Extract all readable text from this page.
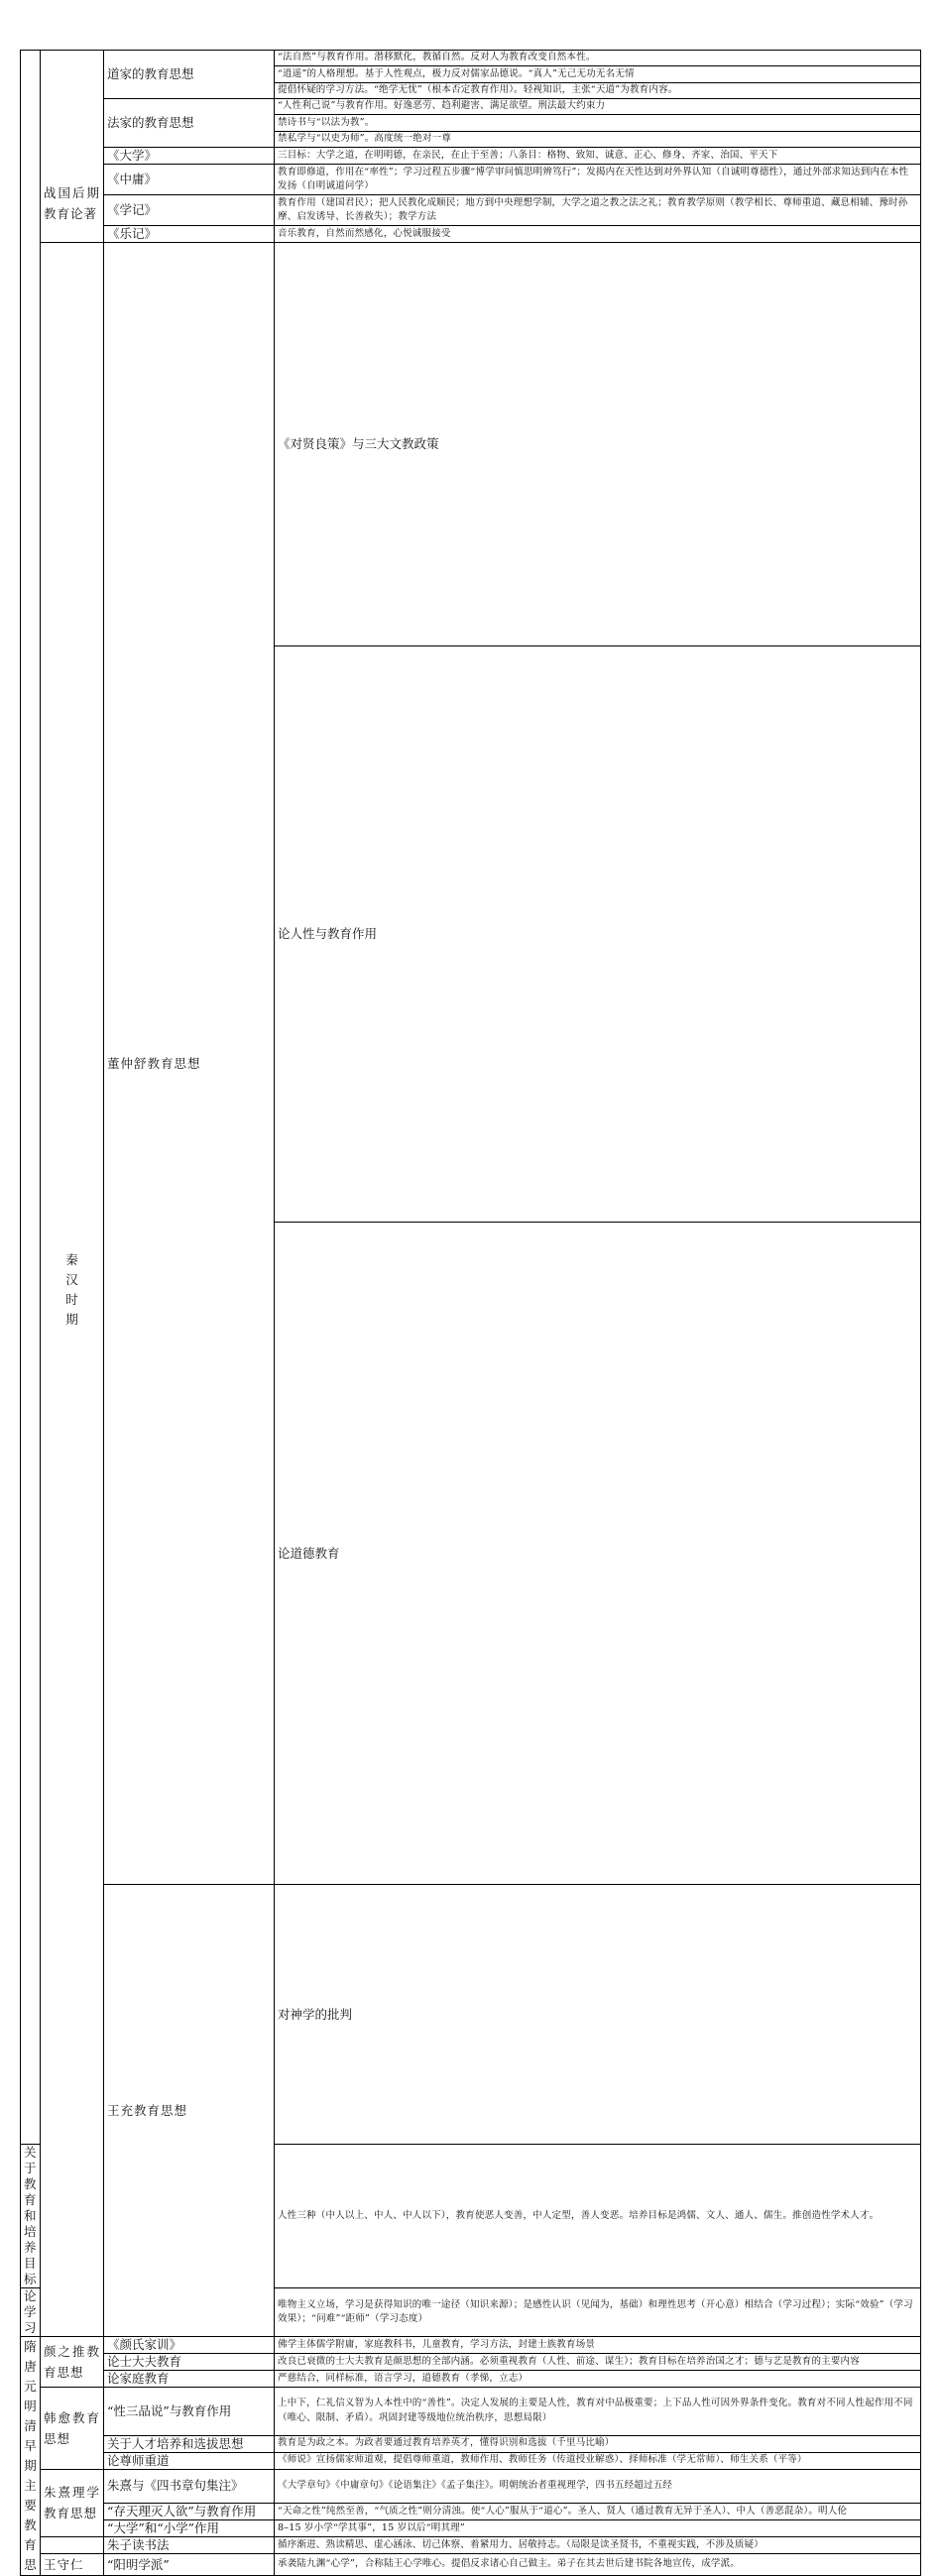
		道家的教育思想	“法自然”与教育作用。潜移默化，教循自然。反对人为教育改变自然本性。	
			“逍遥”的人格理想。基于人性观点，极力反对儒家品德说。“真人”无己无功无名无情	
			提倡怀疑的学习方法。“绝学无忧”（根本否定教育作用）。轻视知识，主张“天道”为教育内容。	
		法家的教育思想	“人性利己说”与教育作用。好逸恶劳、趋利避害、满足欲望。刑法最大约束力	
			禁诗书与“以法为教”。	
			禁私学与“以吏为师”。高度统一绝对一尊	
		《大学》	三目标：大学之道，在明明德，在亲民，在止于至善；八条目：格物、致知、诚意、正心、修身、齐家、治国、平天下	
	战国后期教育论著	《中庸》	教育即修道，作用在“率性”；学习过程五步骤“博学审问慎思明辨笃行”；发揭内在天性达到对外界认知（自诚明尊德性），通过外部求知达到内在本性发扬（自明诚道问学）	
		《学记》	教育作用（建国君民）；把人民教化成顺民；地方到中央理想学制，大学之道之教之法之礼；教育教学原则（教学相长、尊师重道、藏息相辅、豫时孙摩、启发诱导、长善救失）；教学方法	
		《乐记》	音乐教育，自然而然感化，心悦诚服接受	
	秦汉时期	董仲舒教育思想	《对贤良策》与三大文教政策	
			论人性与教育作用	
			论道德教育	
		王充教育思想	对神学的批判	
关于教育和培养目标			人性三种（中人以上、中人、中人以下），教育使恶人变善，中人定型，善人变恶。培养目标是鸿儒、文人、通人、儒生。推创造性学术人才。	
论学习			唯物主义立场，学习是获得知识的唯一途径（知识来源）；是感性认识（见闻为，基础）和理性思考（开心意）相结合（学习过程）；实际“效验”（学习效果）；“问难”“距师”（学习态度）	
隋唐元明清早期主要教育思	颜之推教育思想	《颜氏家训》	佛学主体儒学附庸，家庭教科书，儿童教育，学习方法，封建士族教育场景	
		论士大夫教育	改良已衰微的士大夫教育是颜思想的全部内涵。必须重视教育（人性、前途、谋生）；教育目标在培养治国之才；德与艺是教育的主要内容	
		论家庭教育	严慈结合，同样标准，语言学习，道德教育（孝悌，立志）	
	韩愈教育思想	“性三品说”与教育作用	上中下，仁礼信义智为人本性中的“善性”。决定人发展的主要是人性，教育对中品极重要；上下品人性可因外界条件变化。教育对不同人性起作用不同（唯心、限制、矛盾）。巩固封建等级地位统治秩序，思想局限）	
		关于人才培养和选拔思想	教育是为政之本。为政者要通过教育培养英才，懂得识别和选拔（千里马比喻）	
		论尊师重道	《师说》宣扬儒家师道观，提倡尊师重道，教师作用、教师任务（传道授业解惑）、择师标准（学无常师）、师生关系（平等）	
	朱熹理学教育思想	朱熹与《四书章句集注》	《大学章句》《中庸章句》《论语集注》《孟子集注》。明朝统治者重视理学，四书五经超过五经	
		“存天理灭人欲”与教育作用	“天命之性”纯然至善，“气质之性”则分清浊。使“人心”服从于“道心”。圣人、贤人（通过教育无异于圣人）、中人（善恶混杂）。明人伦	
		“大学”和“小学”作用	8–15 岁小学“学其事”，15 岁以后“明其理”	
		朱子读书法	循序渐进、熟读精思、虚心涵泳、切己体察、着紧用力、居敬持志。（局限是读圣贤书，不重视实践，不涉及质疑）	
	王守仁	“阳明学派”	承袭陆九渊“心学”，合称陆王心学唯心。提倡反求诸心自己做主。弟子在其去世后建书院各地宣传，成学派。	
